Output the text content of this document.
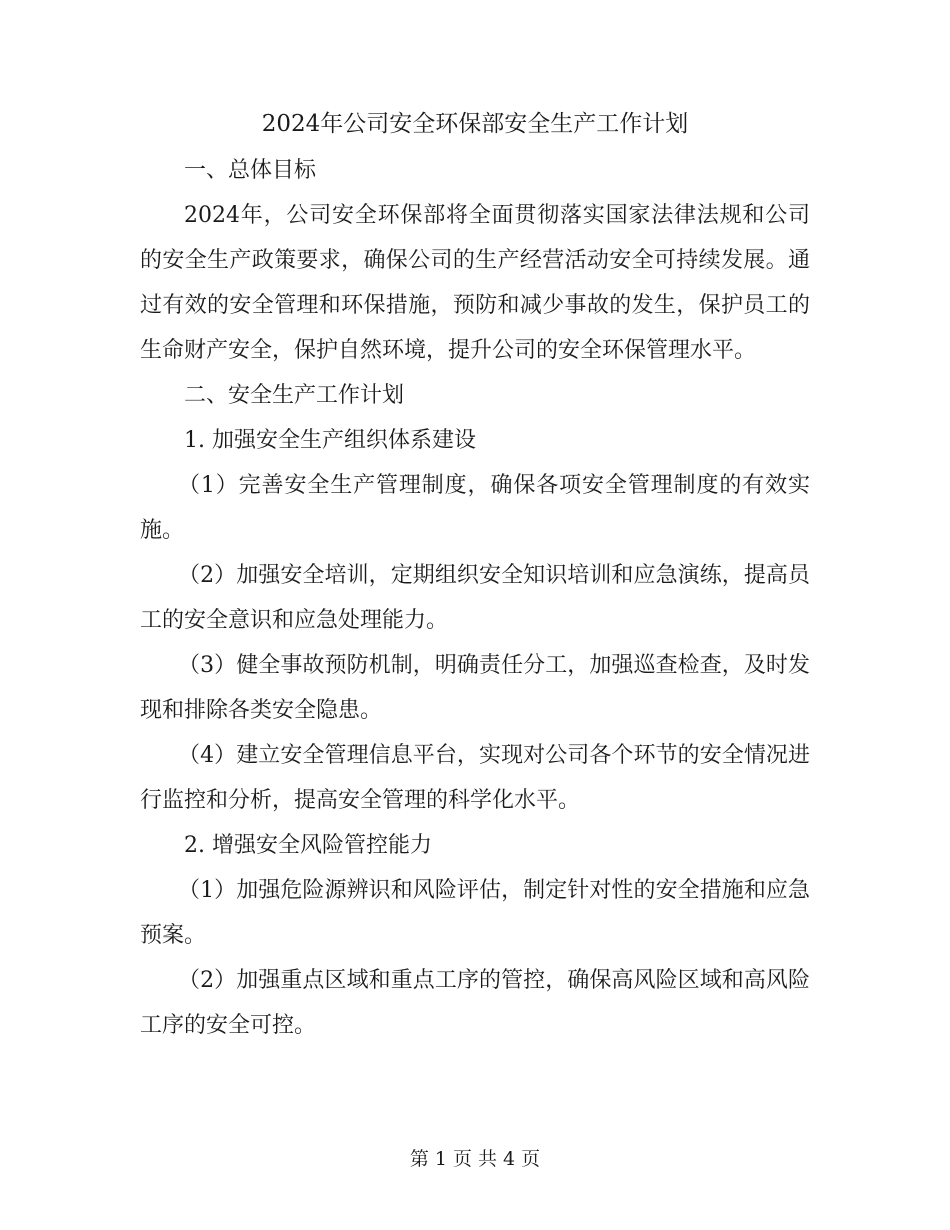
2024年公司安全环保部安全生产工作计划

一、总体目标

2024年，公司安全环保部将全面贯彻落实国家法律法规和公司的安全生产政策要求，确保公司的生产经营活动安全可持续发展。通过有效的安全管理和环保措施，预防和减少事故的发生，保护员工的生命财产安全，保护自然环境，提升公司的安全环保管理水平。

二、安全生产工作计划

1. 加强安全生产组织体系建设

（1）完善安全生产管理制度，确保各项安全管理制度的有效实施。

（2）加强安全培训，定期组织安全知识培训和应急演练，提高员工的安全意识和应急处理能力。

（3）健全事故预防机制，明确责任分工，加强巡查检查，及时发现和排除各类安全隐患。

（4）建立安全管理信息平台，实现对公司各个环节的安全情况进行监控和分析，提高安全管理的科学化水平。

2. 增强安全风险管控能力

（1）加强危险源辨识和风险评估，制定针对性的安全措施和应急预案。

（2）加强重点区域和重点工序的管控，确保高风险区域和高风险工序的安全可控。

第 1 页 共 4 页
